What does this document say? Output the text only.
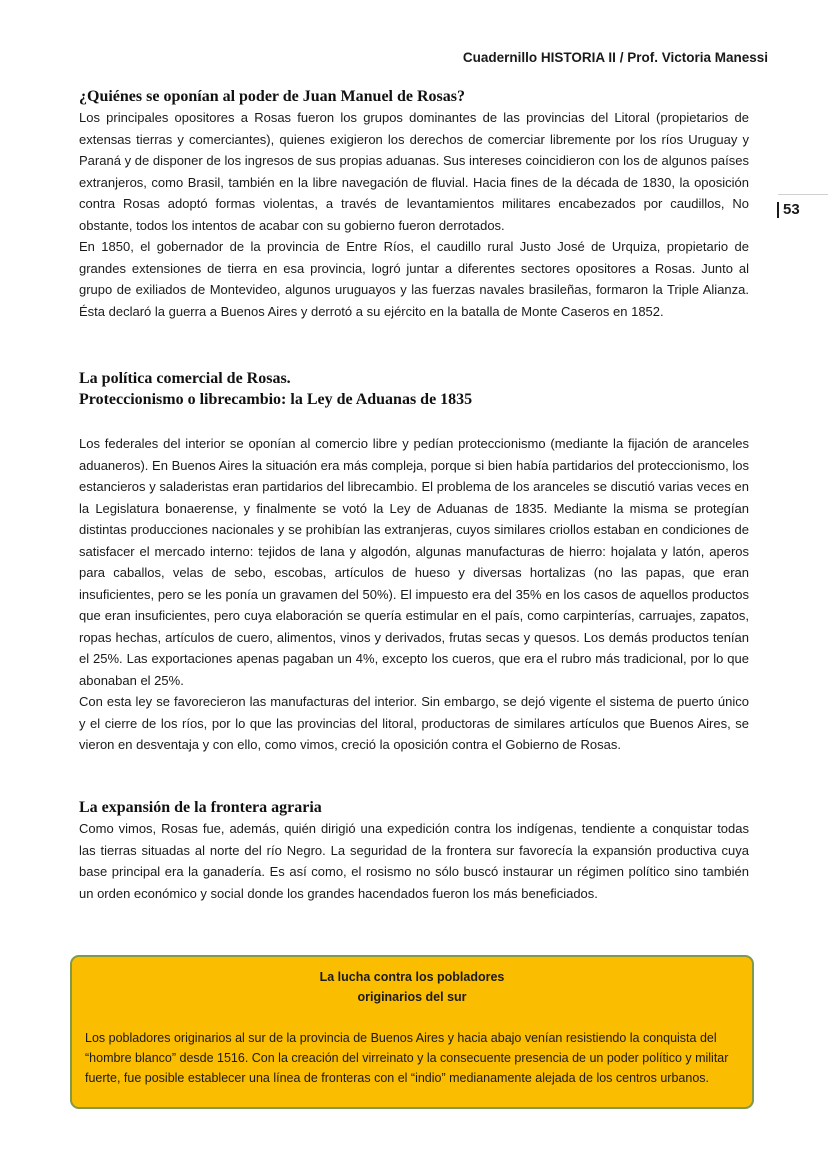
Cuadernillo HISTORIA II / Prof. Victoria Manessi
53
¿Quiénes se oponían al poder de Juan Manuel de Rosas?

Los principales opositores a Rosas fueron los grupos dominantes de las provincias del Litoral (propietarios de extensas tierras y comerciantes), quienes exigieron los derechos de comerciar libremente por los ríos Uruguay y Paraná y de disponer de los ingresos de sus propias aduanas. Sus intereses coincidieron con los de algunos países extranjeros, como Brasil, también en la libre navegación de fluvial. Hacia fines de la década de 1830, la oposición contra Rosas adoptó formas violentas, a través de levantamientos militares encabezados por caudillos, No obstante, todos los intentos de acabar con su gobierno fueron derrotados.

En 1850, el gobernador de la provincia de Entre Ríos, el caudillo rural Justo José de Urquiza, propietario de grandes extensiones de tierra en esa provincia, logró juntar a diferentes sectores opositores a Rosas. Junto al grupo de exiliados de Montevideo, algunos uruguayos y las fuerzas navales brasileñas, formaron la Triple Alianza. Ésta declaró la guerra a Buenos Aires y derrotó a su ejército en la batalla de Monte Caseros en 1852.

La política comercial de Rosas.
Proteccionismo o librecambio: la Ley de Aduanas de 1835

Los federales del interior se oponían al comercio libre y pedían proteccionismo (mediante la fijación de aranceles aduaneros). En Buenos Aires la situación era más compleja, porque si bien había partidarios del proteccionismo, los estancieros y saladeristas eran partidarios del librecambio. El problema de los aranceles se discutió varias veces en la Legislatura bonaerense, y finalmente se votó la Ley de Aduanas de 1835. Mediante la misma se protegían distintas producciones nacionales y se prohibían las extranjeras, cuyos similares criollos estaban en condiciones de satisfacer el mercado interno: tejidos de lana y algodón, algunas manufacturas de hierro: hojalata y latón, aperos para caballos, velas de sebo, escobas, artículos de hueso y diversas hortalizas (no las papas, que eran insuficientes, pero se les ponía un gravamen del 50%). El impuesto era del 35% en los casos de aquellos productos que eran insuficientes, pero cuya elaboración se quería estimular en el país, como carpinterías, carruajes, zapatos, ropas hechas, artículos de cuero, alimentos, vinos y derivados, frutas secas y quesos. Los demás productos tenían el 25%. Las exportaciones apenas pagaban un 4%, excepto los cueros, que era el rubro más tradicional, por lo que abonaban el 25%.

Con esta ley se favorecieron las manufacturas del interior. Sin embargo, se dejó vigente el sistema de puerto único y el cierre de los ríos, por lo que las provincias del litoral, productoras de similares artículos que Buenos Aires, se vieron en desventaja y con ello, como vimos, creció la oposición contra el Gobierno de Rosas.

La expansión de la frontera agraria

Como vimos, Rosas fue, además, quién dirigió una expedición contra los indígenas, tendiente a conquistar todas las tierras situadas al norte del río Negro. La seguridad de la frontera sur favorecía la expansión productiva cuya base principal era la ganadería. Es así como, el rosismo no sólo buscó instaurar un régimen político sino también un orden económico y social donde los grandes hacendados fueron los más beneficiados.

La lucha contra los pobladores
originarios del sur
Los pobladores originarios al sur de la provincia de Buenos Aires y hacia abajo venían resistiendo la conquista del “hombre blanco” desde 1516. Con la creación del virreinato y la consecuente presencia de un poder político y militar fuerte, fue posible establecer una línea de fronteras con el “indio” medianamente alejada de los centros urbanos.
